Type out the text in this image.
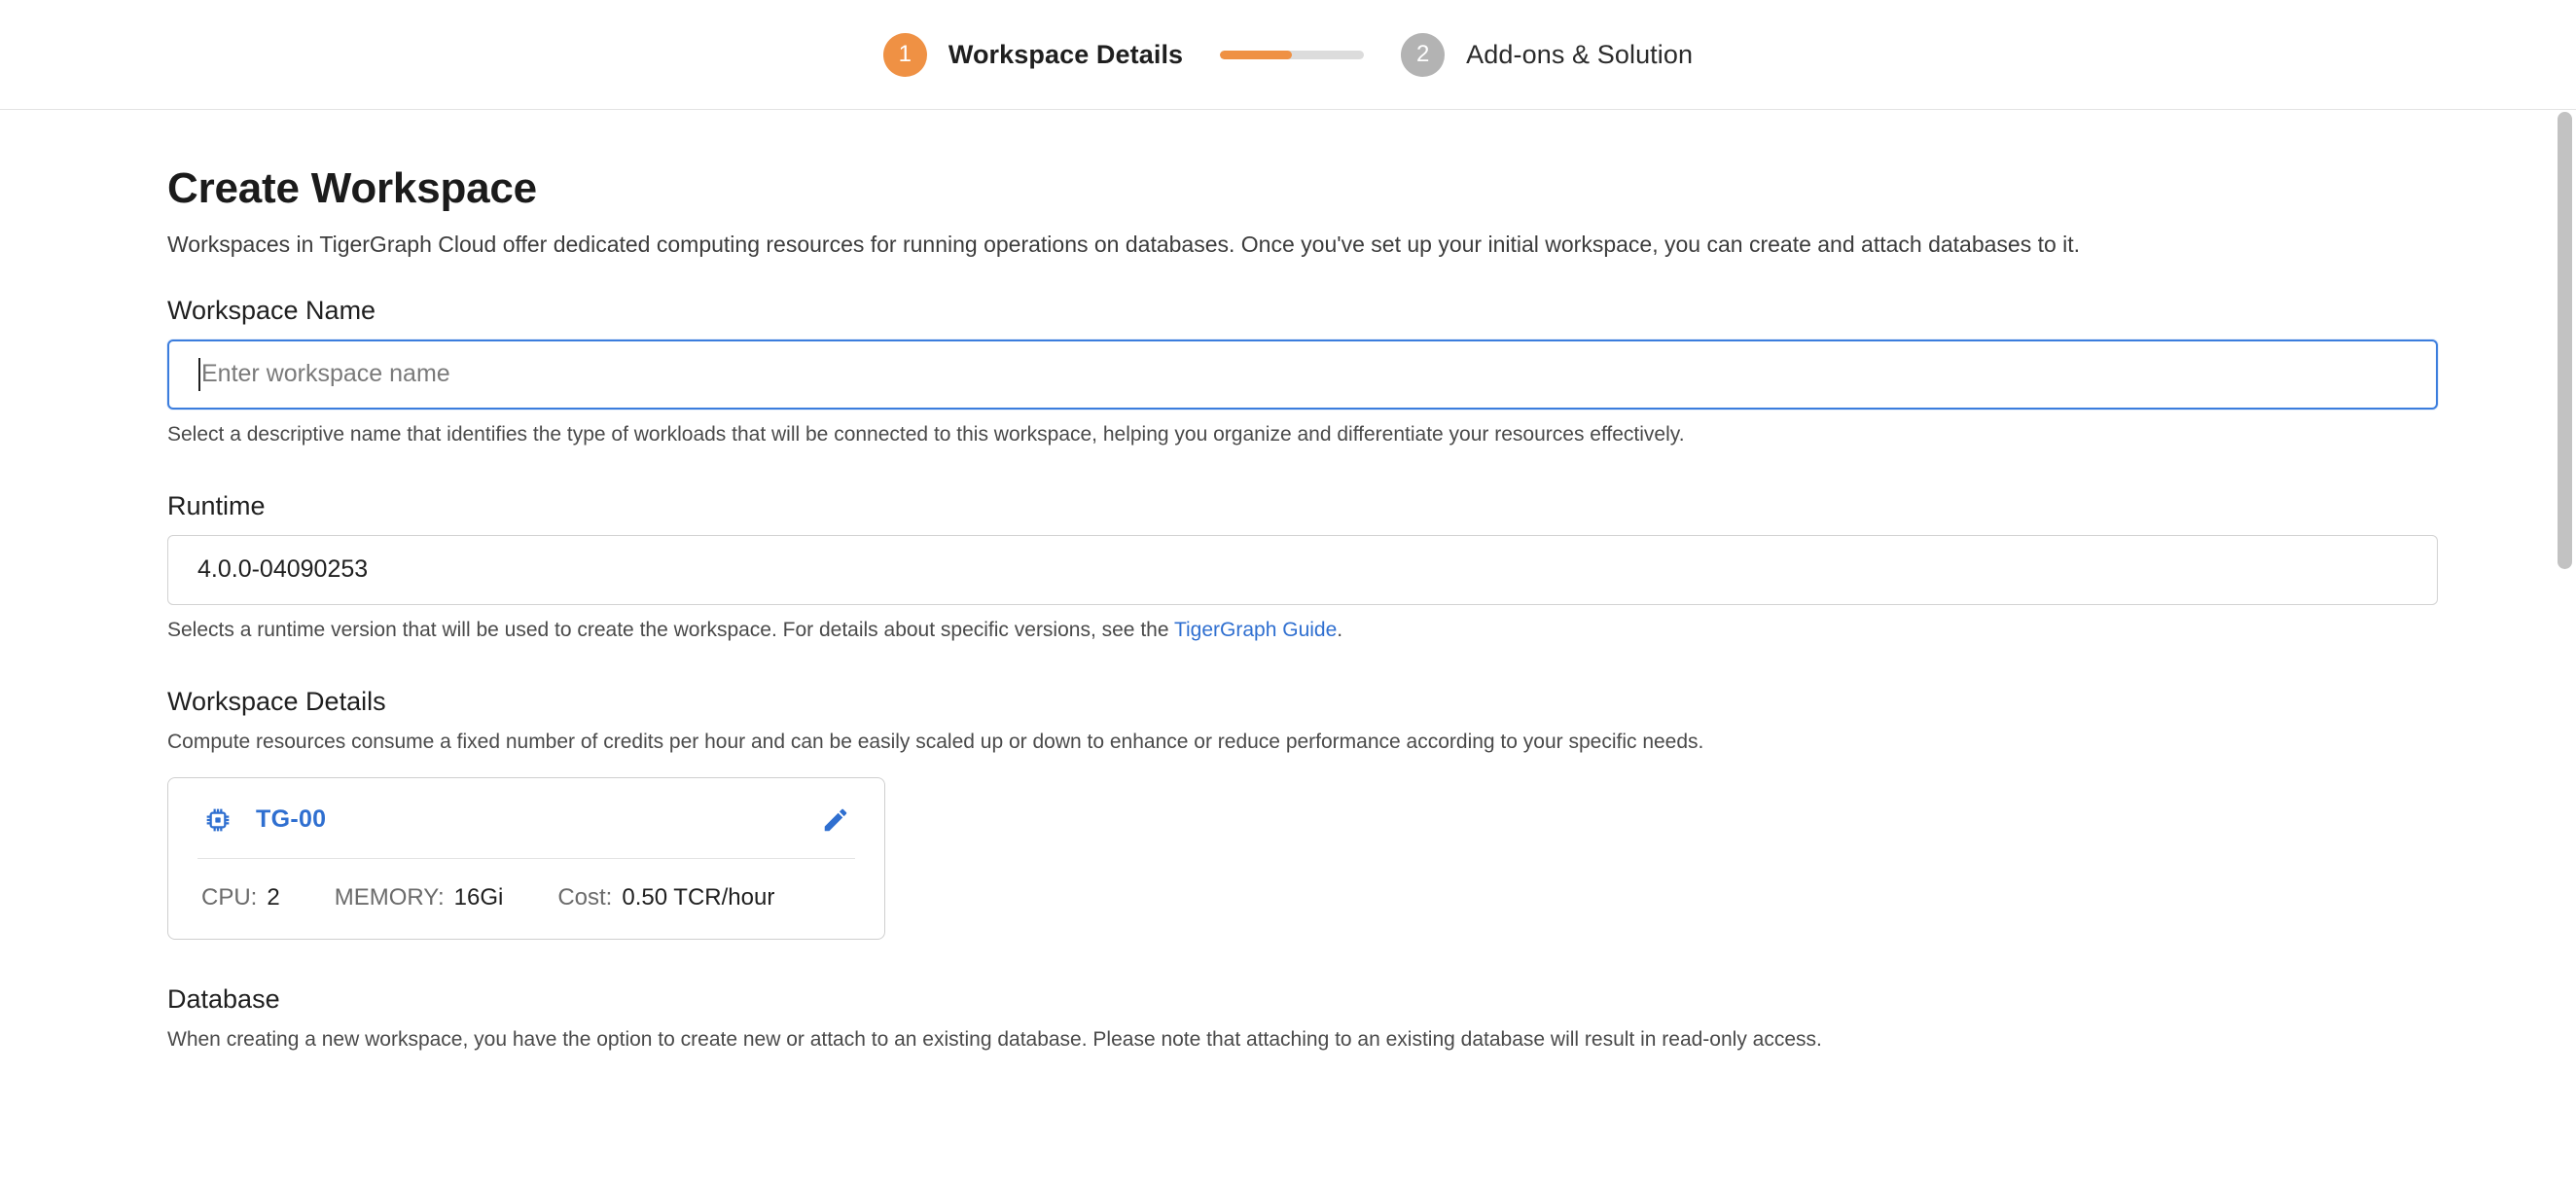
1	Workspace Details	2	Add-ons & Solution
Create Workspace

Workspaces in TigerGraph Cloud offer dedicated computing resources for running operations on databases. Once you've set up your initial workspace, you can create and attach databases to it.

Workspace Name
Enter workspace name
Select a descriptive name that identifies the type of workloads that will be connected to this workspace, helping you organize and differentiate your resources effectively.
Runtime
4.0.0-04090253
Selects a runtime version that will be used to create the workspace. For details about specific versions, see the TigerGraph Guide.
Workspace Details
Compute resources consume a fixed number of credits per hour and can be easily scaled up or down to enhance or reduce performance according to your specific needs.
TG-00
CPU: 2 MEMORY: 16Gi Cost: 0.50 TCR/hour
Database
When creating a new workspace, you have the option to create new or attach to an existing database. Please note that attaching to an existing database will result in read-only access.
